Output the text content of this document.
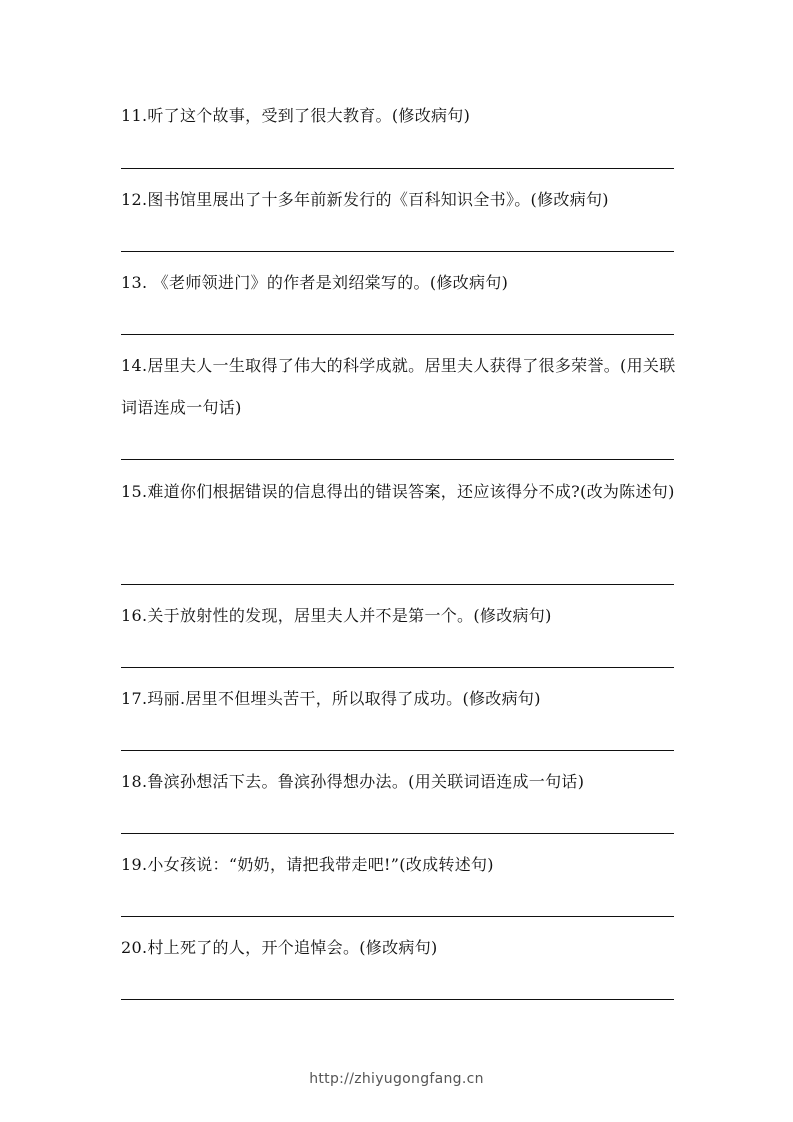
11.听了这个故事，受到了很大教育。(修改病句)
12.图书馆里展出了十多年前新发行的《百科知识全书》。(修改病句)
13. 《老师领进门》的作者是刘绍棠写的。(修改病句)
14.居里夫人一生取得了伟大的科学成就。居里夫人获得了很多荣誉。(用关联词语连成一句话)
15.难道你们根据错误的信息得出的错误答案，还应该得分不成?(改为陈述句)
16.关于放射性的发现，居里夫人并不是第一个。(修改病句)
17.玛丽.居里不但埋头苦干，所以取得了成功。(修改病句)
18.鲁滨孙想活下去。鲁滨孙得想办法。(用关联词语连成一句话)
19.小女孩说：“奶奶，请把我带走吧!”(改成转述句)
20.村上死了的人，开个追悼会。(修改病句)
http://zhiyugongfang.cn
